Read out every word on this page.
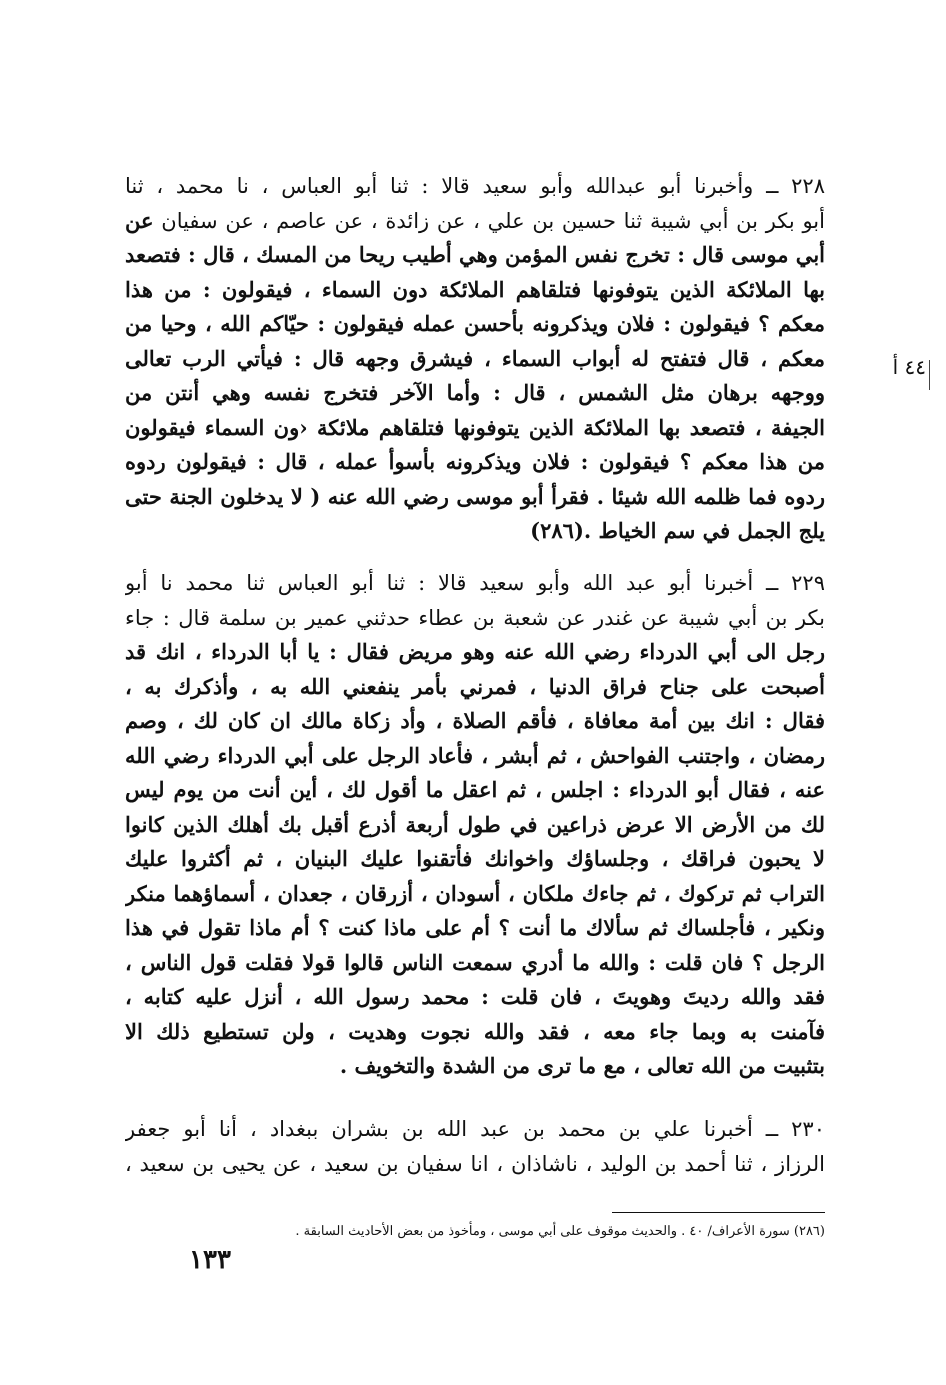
٢٢٨ ــ وأخبرنا أبو عبدالله وأبو سعيد قالا : ثنا أبو العباس ، نا محمد ، ثنا
أبو بكر بن أبي شيبة ثنا حسين بن علي ، عن زائدة ، عن عاصم ، عن سفيان عن
أبي موسى قال : تخرج نفس المؤمن وهي أطيب ريحا من المسك ، قال : فتصعد
بها الملائكة الذين يتوفونها فتلقاهم الملائكة دون السماء ، فيقولون : من هذا
معكم ؟ فيقولون : فلان ويذكرونه بأحسن عمله فيقولون : حيّاكم الله ، وحيا من
معكم ، قال فتفتح له أبواب السماء ، فيشرق وجهه قال : فيأتي الرب تعالى
ووجهه برهان مثل الشمس ، قال : وأما الآخر فتخرج نفسه وهي أنتن من
الجيفة ، فتصعد بها الملائكة الذين يتوفونها فتلقاهم ملائكة ‹ون السماء فيقولون
من هذا معكم ؟ فيقولون : فلان ويذكرونه بأسوأ عمله ، قال : فيقولون ردوه
ردوه فما ظلمه الله شيئا . فقرأ أبو موسى رضي الله عنه ( لا يدخلون الجنة حتى
يلج الجمل في سم الخياط .(٢٨٦)
٤٤ أ
٢٢٩ ــ أخبرنا أبو عبد الله وأبو سعيد قالا : ثنا أبو العباس ثنا محمد نا أبو
بكر بن أبي شيبة عن غندر عن شعبة بن عطاء حدثني عمير بن سلمة قال : جاء
رجل الى أبي الدرداء رضي الله عنه وهو مريض فقال : يا أبا الدرداء ، انك قد
أصبحت على جناح فراق الدنيا ، فمرني بأمر ينفعني الله به ، وأذكرك به ،
فقال : انك بين أمة معافاة ، فأقم الصلاة ، وأد زكاة مالك ان كان لك ، وصم
رمضان ، واجتنب الفواحش ، ثم أبشر ، فأعاد الرجل على أبي الدرداء رضي الله
عنه ، فقال أبو الدرداء : اجلس ، ثم اعقل ما أقول لك ، أين أنت من يوم ليس
لك من الأرض الا عرض ذراعين في طول أربعة أذرع أقبل بك أهلك الذين كانوا
لا يحبون فراقك ، وجلساؤك واخوانك فأتقنوا عليك البنيان ، ثم أكثروا عليك
التراب ثم تركوك ، ثم جاءك ملكان ، أسودان ، أزرقان ، جعدان ، أسماؤهما منكر
ونكير ، فأجلساك ثم سألاك ما أنت ؟ أم على ماذا كنت ؟ أم ماذا تقول في هذا
الرجل ؟ فان قلت : والله ما أدري سمعت الناس قالوا قولا فقلت قول الناس ،
فقد والله رديتَ وهويتَ ، فان قلت : محمد رسول الله ، أنزل عليه كتابه ،
فآمنت به وبما جاء معه ، فقد والله نجوت وهديت ، ولن تستطيع ذلك الا
بتثبيت من الله تعالى ، مع ما ترى من الشدة والتخويف .
٢٣٠ ــ أخبرنا علي بن محمد بن عبد الله بن بشران ببغداد ، أنا أبو جعفر
الرزاز ، ثنا أحمد بن الوليد ، ناشاذان ، انا سفيان بن سعيد ، عن يحيى بن سعيد ،
(٢٨٦) سورة الأعراف/ ٤٠ . والحديث موقوف على أبي موسى ، ومأخوذ من بعض الأحاديث السابقة .
١٣٣
